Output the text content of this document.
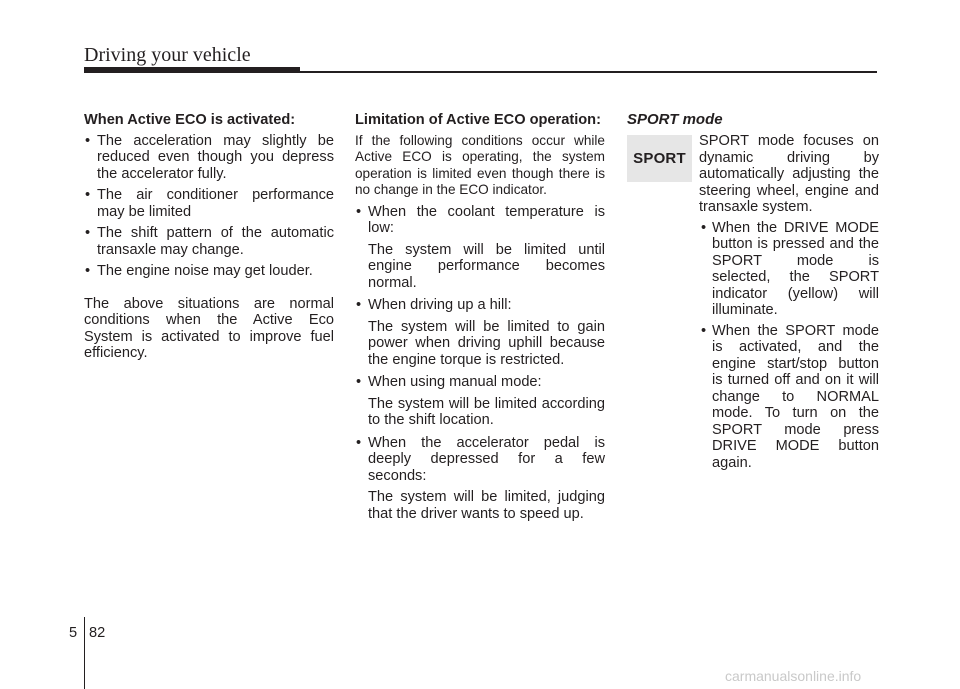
Driving your vehicle

When Active ECO is activated:

• The acceleration may slightly be reduced even though you depress the accelerator fully.
• The air conditioner performance may be limited
• The shift pattern of the automatic transaxle may change.
• The engine noise may get louder.

The above situations are normal conditions when the Active Eco System is activated to improve fuel efficiency.

Limitation of Active ECO operation:

If the following conditions occur while Active ECO is operating, the system operation is limited even though there is no change in the ECO indicator.

• When the coolant temperature is low:
The system will be limited until engine performance becomes normal.
• When driving up a hill:
The system will be limited to gain power when driving uphill because the engine torque is restricted.
• When using manual mode:
The system will be limited according to the shift location.
• When the accelerator pedal is deeply depressed for a few seconds:
The system will be limited, judging that the driver wants to speed up.
SPORT mode
SPORT

SPORT mode focuses on dynamic driving by automatically adjusting the steering wheel, engine and transaxle system.

• When the DRIVE MODE button is pressed and the SPORT mode is selected, the SPORT indicator (yellow) will illuminate.
• When the SPORT mode is activated, and the engine start/stop button is turned off and on it will change to NORMAL mode. To turn on the SPORT mode press DRIVE MODE button again.
5 82
carmanualsonline.info
